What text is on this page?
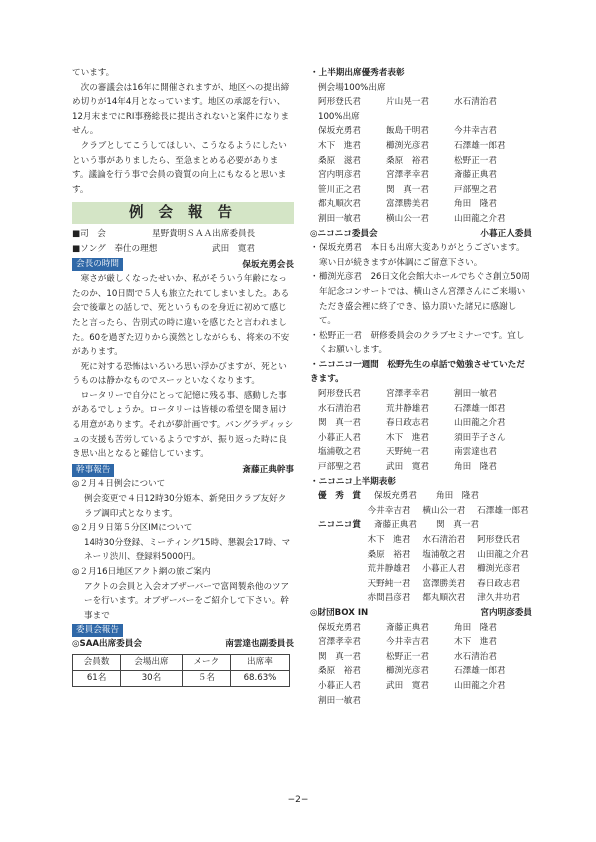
ています。

次の審議会は16年に開催されますが、地区への提出締め切りが14年4月となっています。地区の承認を行い、12月末までにRI事務総長に提出されないと案件になりません。

クラブとしてこうしてほしい、こうなるようにしたいという事がありましたら、至急まとめる必要があります。議論を行う事で会員の資質の向上にもなると思います。

例会報告
■司　会	星野貴明ＳＡＡ出席委員長
■ソング　奉仕の理想	武田　寛君
会長の時間	保坂充勇会長

寒さが厳しくなったせいか、私がそういう年齢になったのか、10日間で５人も旅立たれてしまいました。ある会で後輩との話しで、死というものを身近に初めて感じたと言ったら、告別式の時に違いを感じたと言われました。60を過ぎた辺りから漠然としながらも、将来の不安があります。

死に対する恐怖はいろいろ思い浮かびますが、死というものは静かなものでスーッといなくなります。

ロータリーで自分にとって記憶に残る事、感動した事があるでしょうか。ロータリーは皆様の希望を聞き届ける用意があります。それが夢計画です。バングラディッシュの支援も苦労しているようですが、振り返った時に良き思い出となると確信しています。

幹事報告	斎藤正典幹事
◎２月４日例会について
例会変更で４日12時30分姫本、新発田クラブ友好クラブ調印式となります。
◎２月９日第５分区IMについて
14時30分登録、ミーティング15時、懇親会17時、マネーリ渋川、登録料5000円。
◎２月16日地区アクト網の旅ご案内
アクトの会員と入会オブザーバーで富岡製糸他のツアーを行います。オブザーバーをご紹介して下さい。幹事まで
委員会報告
◎SAA出席委員会	南雲達也副委員長
会員数	会場出席	メーク	出席率
61名	30名	５名	68.63%
・上半期出席優秀者表彰
例会場100%出席
阿形登氏君	片山晃一君	水石清治君
100%出席
保坂充勇君	飯島千明君	今井幸吉君
木下　進君	櫛渕光彦君	石澤雄一郎君
桑原　滋君	桑原　裕君	松野正一君
宮内明彦君	宮澤孝幸君	斎藤正典君
笹川正之君	関　真一君	戸部聖之君
都丸順次君	富澤勝美君	角田　隆君
割田一敏君	横山公一君	山田龍之介君
◎ニコニコ委員会	小暮正人委員
・ 保坂充勇君　本日も出席大変ありがとうございます。寒い日が続きますが体調にご留意下さい。
・ 櫛渕光彦君　26日文化会館大ホールでちぐさ創立50周年記念コンサートでは、横山さん宮澤さんにご来場いただき盛会裡に終了でき、協力頂いた諸兄に感謝して。
・ 松野正一君　研修委員会のクラブセミナーです。宜しくお願いします。
・ニコニコ一週間　松野先生の卓話で勉強させていただきます。
阿形登氏君	宮澤孝幸君	割田一敏君
水石清治君	荒井静雄君	石澤雄一郎君
関　真一君	春日政志君	山田龍之介君
小暮正人君	木下　進君	須田芋子さん
塩浦敬之君	天野純一君	南雲達也君
戸部聖之君	武田　寛君	角田　隆君
・ニコニコ上半期表彰
優　秀　賞	保坂充勇君	角田　隆君
今井幸吉君	横山公一君	石澤雄一郎君
ニコニコ賞	斎藤正典君	関　真一君
木下　進君	水石清治君	阿形登氏君
桑原　裕君	塩浦敬之君	山田龍之介君
荒井静雄君	小暮正人君	櫛渕光彦君
天野純一君	富澤勝美君	春日政志君
赤間昌彦君	都丸順次君	津久井功君
◎財団BOX IN	宮内明彦委員
保坂充勇君	斎藤正典君	角田　隆君
宮澤孝幸君	今井幸吉君	木下　進君
関　真一君	松野正一君	水石清治君
桑原　裕君	櫛渕光彦君	石澤雄一郎君
小暮正人君	武田　寛君	山田龍之介君
割田一敏君
−2−
